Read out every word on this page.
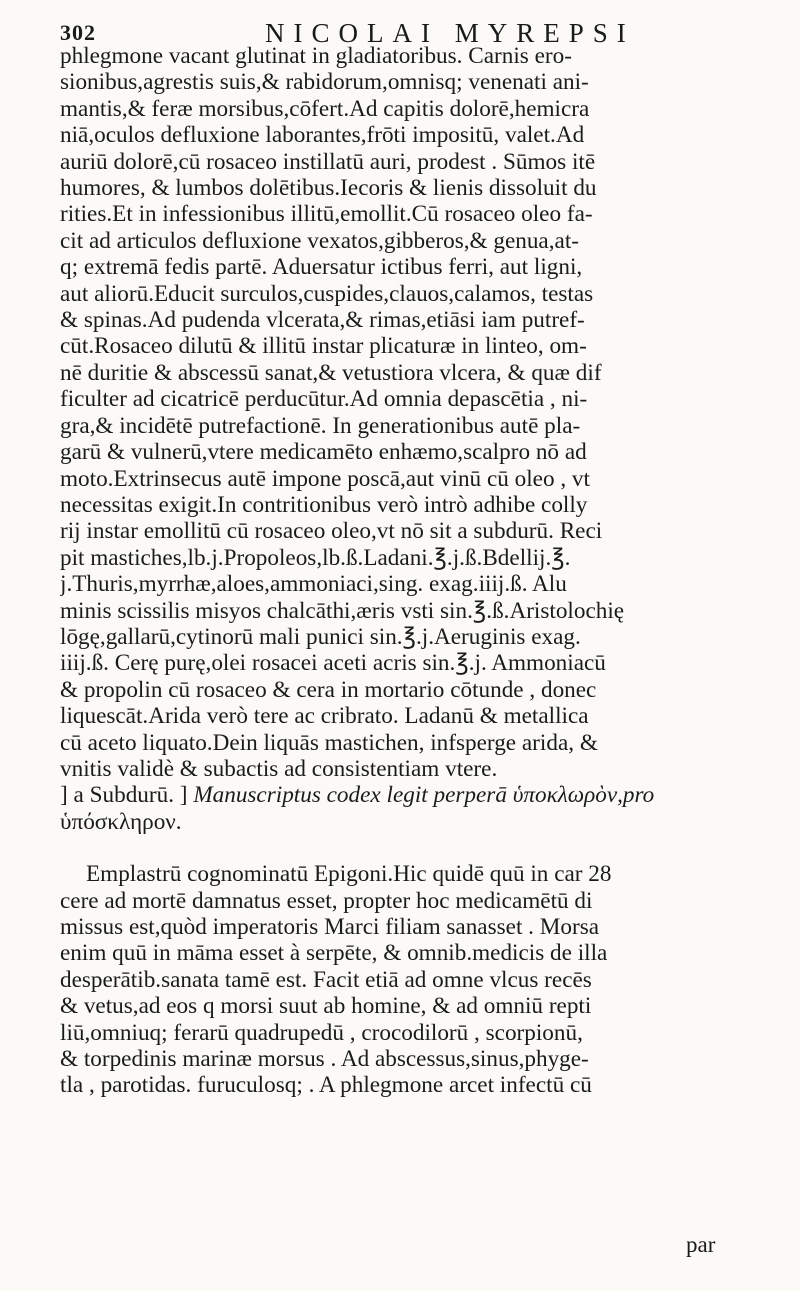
302	NICOLAI MYREPSI
phlegmone vacant glutinat in gladiatoribus. Carnis ero-
sionibus,agrestis suis,& rabidorum,omnisq; venenati ani-
mantis,& feræ morsibus,cōfert.Ad capitis dolorē,hemicra
niā,oculos defluxione laborantes,frōti impositū, valet.Ad
auriū dolorē,cū rosaceo instillatū auri, prodest . Sūmos itē
humores, & lumbos dolētibus.Iecoris & lienis dissoluit du
rities.Et in infessionibus illitū,emollit.Cū rosaceo oleo fa-
cit ad articulos defluxione vexatos,gibberos,& genua,at-
q; extremā fedis partē. Aduersatur ictibus ferri, aut ligni,
aut aliorū.Educit surculos,cuspides,clauos,calamos, testas
& spinas.Ad pudenda vlcerata,& rimas,etiāsi iam putref-
cūt.Rosaceo dilutū & illitū instar plicaturæ in linteo, om-
nē duritie & abscessū sanat,& vetustiora vlcera, & quæ dif
ficulter ad cicatricē perducūtur.Ad omnia depascētia , ni-
gra,& incidētē putrefactionē. In generationibus autē pla-
garū & vulnerū,vtere medicamēto enhæmo,scalpro nō ad
moto.Extrinsecus autē impone poscā,aut vinū cū oleo , vt
necessitas exigit.In contritionibus verò intrò adhibe colly
rij instar emollitū cū rosaceo oleo,vt nō sit a subdurū. Reci
pit mastiches,lb.j.Propoleos,lb.ß.Ladani.℥.j.ß.Bdellij.℥.
j.Thuris,myrrhæ,aloes,ammoniaci,sing. exag.iiij.ß. Alu
minis scissilis misyos chalcāthi,æris vsti sin.℥.ß.Aristolochię
lōgę,gallarū,cytinorū mali punici sin.℥.j.Aeruginis exag.
iiij.ß. Cerę purę,olei rosacei aceti acris sin.℥.j. Ammoniacū
& propolin cū rosaceo & cera in mortario cōtunde , donec
liquescāt.Arida verò tere ac cribrato. Ladanū & metallica
cū aceto liquato.Dein liquās mastichen, infsperge arida, &
vnitis validè & subactis ad consistentiam vtere.
] a Subdurū. ] Manuscriptus codex legit perperā ὑποκλωρὸν,pro
ὑπόσκληρον.
Emplastrū cognominatū Epigoni.Hic quidē quū in car 28
cere ad mortē damnatus esset, propter hoc medicamētū di
missus est,quòd imperatoris Marci filiam sanasset . Morsa
enim quū in māma esset à serpēte, & omnib.medicis de illa
desperātib.sanata tamē est. Facit etiā ad omne vlcus recēs
& vetus,ad eos q morsi suut ab homine, & ad omniū repti
liū,omniuq; ferarū quadrupedū , crocodilorū , scorpionū,
& torpedinis marinæ morsus . Ad abscessus,sinus,phyge-
tla , parotidas. furuculosq; . A phlegmone arcet infectū cū
par
